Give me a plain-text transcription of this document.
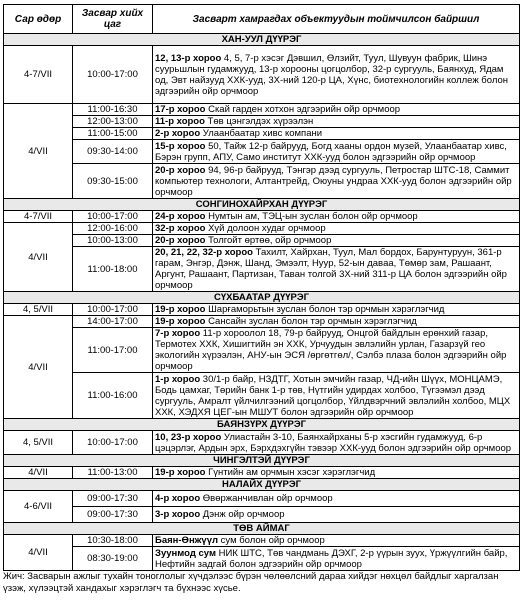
Сар өдөр	Засвар хийх цаг	Засварт хамрагдах объектуудын тоймчилсон байршил
ХАН-УУЛ ДҮҮРЭГ		
4-7/VII	10:00-17:00	12, 13-р хороо 4, 5, 7-р хэсэг Дэвшил, Өлзийт, Туул, Шувуун фабрик, Шинэ суурьшлын гудамжууд, 13-р хорооны цогцолбор, 32-р сургууль, Баянхуд, Ядам од, Эвт найзууд ХХК-ууд, 3Х-ний 120-р ЦА, Хүнс, биотехнологийн коллеж болон эдгээрийн ойр орчмоор
4/VII	11:00-16:30	17-р хороо Скай гарден хотхон эдгээрийн ойр орчмоор
	12:00-13:00	11-р хороо Төв цэнгэлдэх хүрээлэн
	11:00-15:00	2-р хороо Улаанбаатар хивс компани
	09:30-14:00	15-р хороо 50, Тайж 12-р байрууд, Богд хааны ордон музей, Улаанбаатар хивс, Бэрэн групп, АПУ, Само институт ХХК-ууд болон эдгээрийн ойр орчмоор
	09:30-15:00	20-р хороо 94, 96-р байрууд, Тэнгэр дээд сургууль, Петростар ШТС-18, Саммит компьютер технологи, Алтантрейд, Оюуны ундраа ХХК-ууд болон эдгээрийн ойр орчмоор
СОНГИНОХАЙРХАН ДҮҮРЭГ		
4-7/VII	10:00-17:00	24-р хороо Нумтын ам, ТЭЦ-ын зуслан болон ойр орчмоор
4/VII	12:00-16:00	32-р хороо Хүй долоон худаг орчмоор
	10:00-13:00	20-р хороо Толгойт өртөө, ойр орчмоор
	11:00-18:00	20, 21, 22, 32-р хороо Тахилт, Хайрхан, Туул, Мал бордох, Барунтуруун, 361-р гарам, Энгэр, Дэнж, Шанд, Эмээлт, Нуур, 52-ын давaa, Төмөр зам, Рашаант, Аргунт, Рашаант, Партизан, Таван толгой 3Х-ний 311-р ЦА болон эдгээрийн ойр орчмоор
СҮХБААТАР ДҮҮРЭГ		
4, 5/VII	10:00-17:00	19-р хороо Шарғаморьтын зуслан болон тэр орчмын хэрэглэгчид
4/VII	14:00-17:00	19-р хороо Сансайн зуслан болон тэр орчмын хэрэглэгчид
	11:00-17:00	7-р хороо 11-р хороолол 18, 79-р байрууд, Онцгой байдлын ерөнхий газар, Термотех ХХК, Хишигтийн эн ХХК, Урчуудын эвлэлийн урлан, Газарзүй гео экологийн хүрээлэн, АНУ-ын ЭСЯ /өргөтгөл/, Сэлбэ плаза болон эдгээрийн ойр орчмоор
	11:00-16:00	1-р хороо 30/1-р байр, НЗДТГ, Хотын эмчийн газар, ЧД-ийн Шүүх, МОНЦАМЭ, Бодь цамхаг, Төрийн банк 1-р төв, Нүтгийн удирдах холбоо, Түгээмэл дээд сургууль, Амралт үйлчилгээний цогцолбор, Үйлдвэрчний эвлэлийн холбоо, МЦХ ХХК, ХЭДХЯ ЦЕГ-ын МШУТ болон эдгээрийн ойр орчмоор
БАЯНЗҮРХ ДҮҮРЭГ		
4, 5/VII	10:00-17:00	10, 23-р хороо Улиастайн 3-10, Баянхайрханы 5-р хэсгийн гудамжууд, 6-р цэцэрлэг, Ардын эрх, Бэрхдэхгүйн тэвээр ХХК-ууд болон эдгээрийн ойр орчмоор
ЧИНГЭЛТЭЙ ДҮҮРЭГ		
4/VII	11:00-13:00	19-р хороо Гүнтийн ам орчмын хэсэг хэрэглэгчид
НАЛАЙХ ДҮҮРЭГ		
4-6/VII	09:00-17:30	4-р хороо Өвөржанчивлан ойр орчмоор
	09:00-17:30	3-р хороо Дэнж ойр орчмоор
ТӨВ АЙМАГ		
4/VII	10:30-18:00	Баян-Өнжүүл сум болон ойр орчмоор
	08:30-19:00	Зуунмод сум НИК ШТС, Төв чандмань ДЭХГ, 2-р үүрын зуух, Үржүүлгийн байр, Нефтийн задгай болон эдгээрийн ойр орчмоор
Жич: Засварын ажлыг тухайн тоноглолыг хүчдэлээс бүрэн чөлөөлсний дараа хийдэг нөхцөл байдлыг харгалзан үзэж, хүлээцтэй хандахыг хэрэглэгч та бүхнээс хүсье.
